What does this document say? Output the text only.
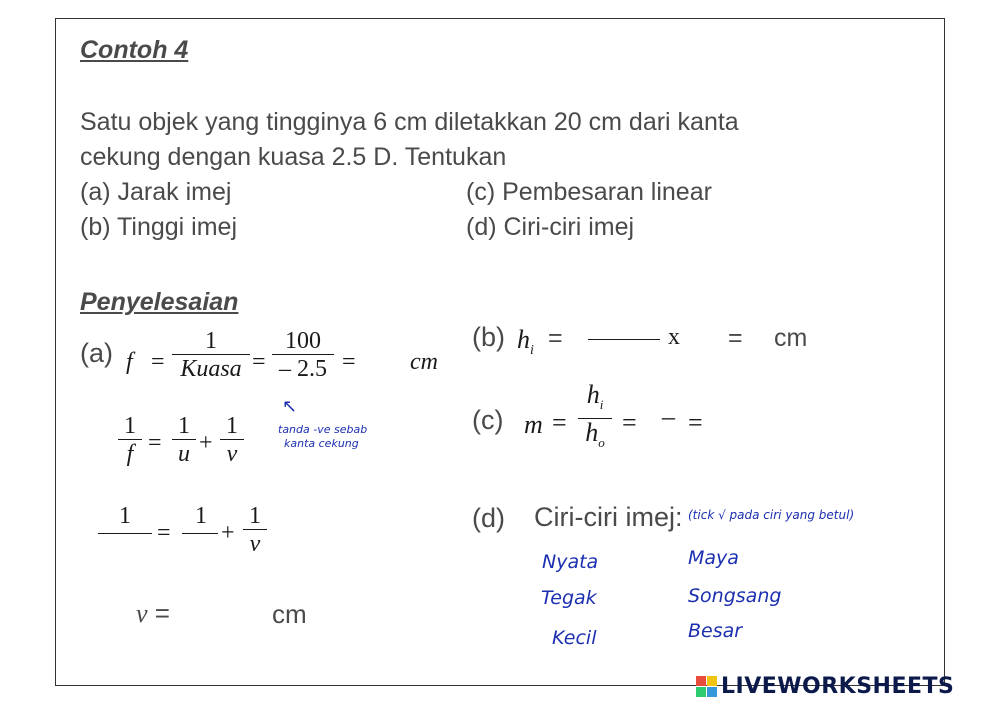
Contoh 4
Satu objek yang tingginya 6 cm diletakkan 20 cm dari kanta
cekung dengan kuasa 2.5 D. Tentukan
(a) Jarak imej	(c) Pembesaran linear
(b) Tinggi imej	(d) Ciri-ciri imej
Penyelesaian
(a) f =
1
Kuasa =
100
– 2.5 = cm
1
f =
1
u +
1
v
↖
tanda -ve sebab
kanta cekung
1
=
1
+
1
v
v =	cm
(b) $h_i$ =	x = cm
(c) m =
$h_i$
$h_o$
= – =
(d) Ciri-ciri imej: (tick √ pada ciri yang betul)
Nyata	Maya
Tegak	Songsang
Kecil	Besar
LIVEWORKSHEETS
